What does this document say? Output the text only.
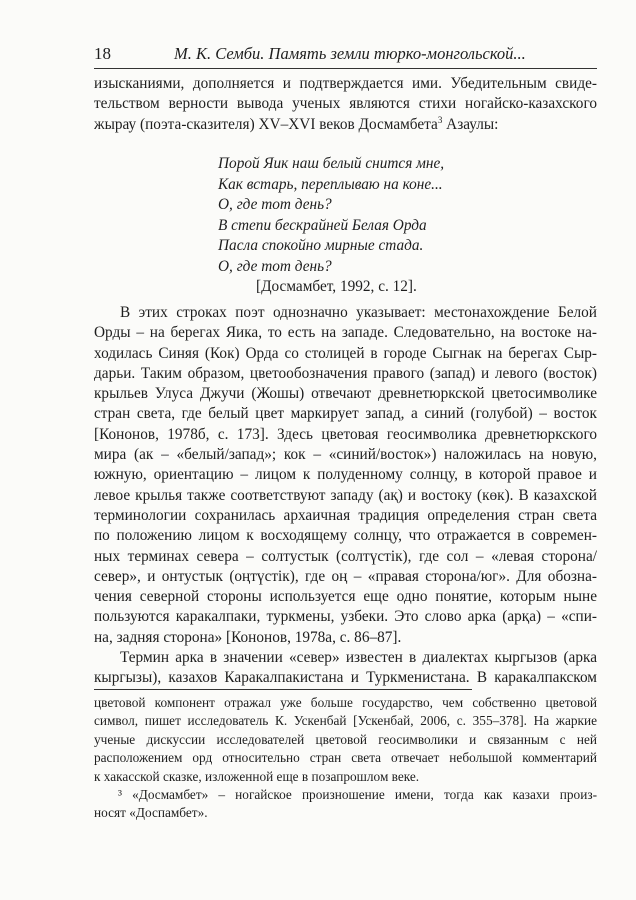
18	М. К. Семби. Память земли тюрко-монгольской...
изысканиями, дополняется и подтверждается ими. Убедительным свиде-
тельством верности вывода ученых являются стихи ногайско-казахского
жырау (поэта-сказителя) XV–XVI веков Досмамбета$^3$ Азаулы:
Порой Яик наш белый снится мне,
Как встарь, переплываю на коне...
О, где тот день?
В степи бескрайней Белая Орда
Пасла спокойно мирные стада.
О, где тот день?
[Досмамбет, 1992, с. 12].
В этих строках поэт однозначно указывает: местонахождение Белой
Орды – на берегах Яика, то есть на западе. Следовательно, на востоке на-
ходилась Синяя (Кок) Орда со столицей в городе Сыгнак на берегах Сыр-
дарьи. Таким образом, цветообозначения правого (запад) и левого (восток)
крыльев Улуса Джучи (Жошы) отвечают древнетюркской цветосимволике
стран света, где белый цвет маркирует запад, а синий (голубой) – восток
[Кононов, 1978б, с. 173]. Здесь цветовая геосимволика древнетюркского
мира (ак – «белый/запад»; кок – «синий/восток») наложилась на новую,
южную, ориентацию – лицом к полуденному солнцу, в которой правое и
левое крылья также соответствуют западу (ақ) и востоку (көк). В казахской
терминологии сохранилась архаичная традиция определения стран света
по положению лицом к восходящему солнцу, что отражается в современ-
ных терминах севера – солтустык (солтүстік), где сол – «левая сторона/
север», и онтустык (оңтүстік), где оң – «правая сторона/юг». Для обозна-
чения северной стороны используется еще одно понятие, которым ныне
пользуются каракалпаки, туркмены, узбеки. Это слово арка (арқа) – «спи-
на, задняя сторона» [Кононов, 1978а, с. 86–87].
Термин арка в значении «север» известен в диалектах кыргызов (арка
кыргызы), казахов Каракалпакистана и Туркменистана. В каракалпакском
цветовой компонент отражал уже больше государство, чем собственно цветовой
символ, пишет исследователь К. Ускенбай [Ускенбай, 2006, с. 355–378]. На жаркие
ученые дискуссии исследователей цветовой геосимволики и связанным с ней
расположением орд относительно стран света отвечает небольшой комментарий
к хакасской сказке, изложенной еще в позапрошлом веке.
³ «Досмамбет» – ногайское произношение имени, тогда как казахи произ-
носят «Доспамбет».
